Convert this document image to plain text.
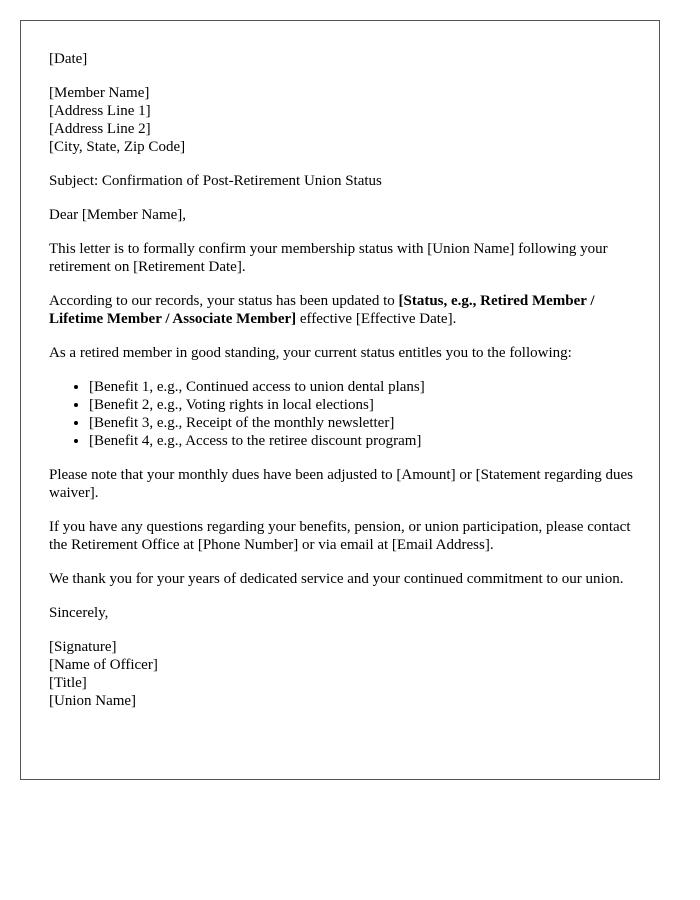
[Date]

[Member Name]
[Address Line 1]
[Address Line 2]
[City, State, Zip Code]

Subject: Confirmation of Post-Retirement Union Status

Dear [Member Name],

This letter is to formally confirm your membership status with [Union Name] following your retirement on [Retirement Date].

According to our records, your status has been updated to [Status, e.g., Retired Member / Lifetime Member / Associate Member] effective [Effective Date].

As a retired member in good standing, your current status entitles you to the following:

• [Benefit 1, e.g., Continued access to union dental plans]
• [Benefit 2, e.g., Voting rights in local elections]
• [Benefit 3, e.g., Receipt of the monthly newsletter]
• [Benefit 4, e.g., Access to the retiree discount program]

Please note that your monthly dues have been adjusted to [Amount] or [Statement regarding dues waiver].

If you have any questions regarding your benefits, pension, or union participation, please contact the Retirement Office at [Phone Number] or via email at [Email Address].

We thank you for your years of dedicated service and your continued commitment to our union.

Sincerely,

[Signature]
[Name of Officer]
[Title]
[Union Name]
